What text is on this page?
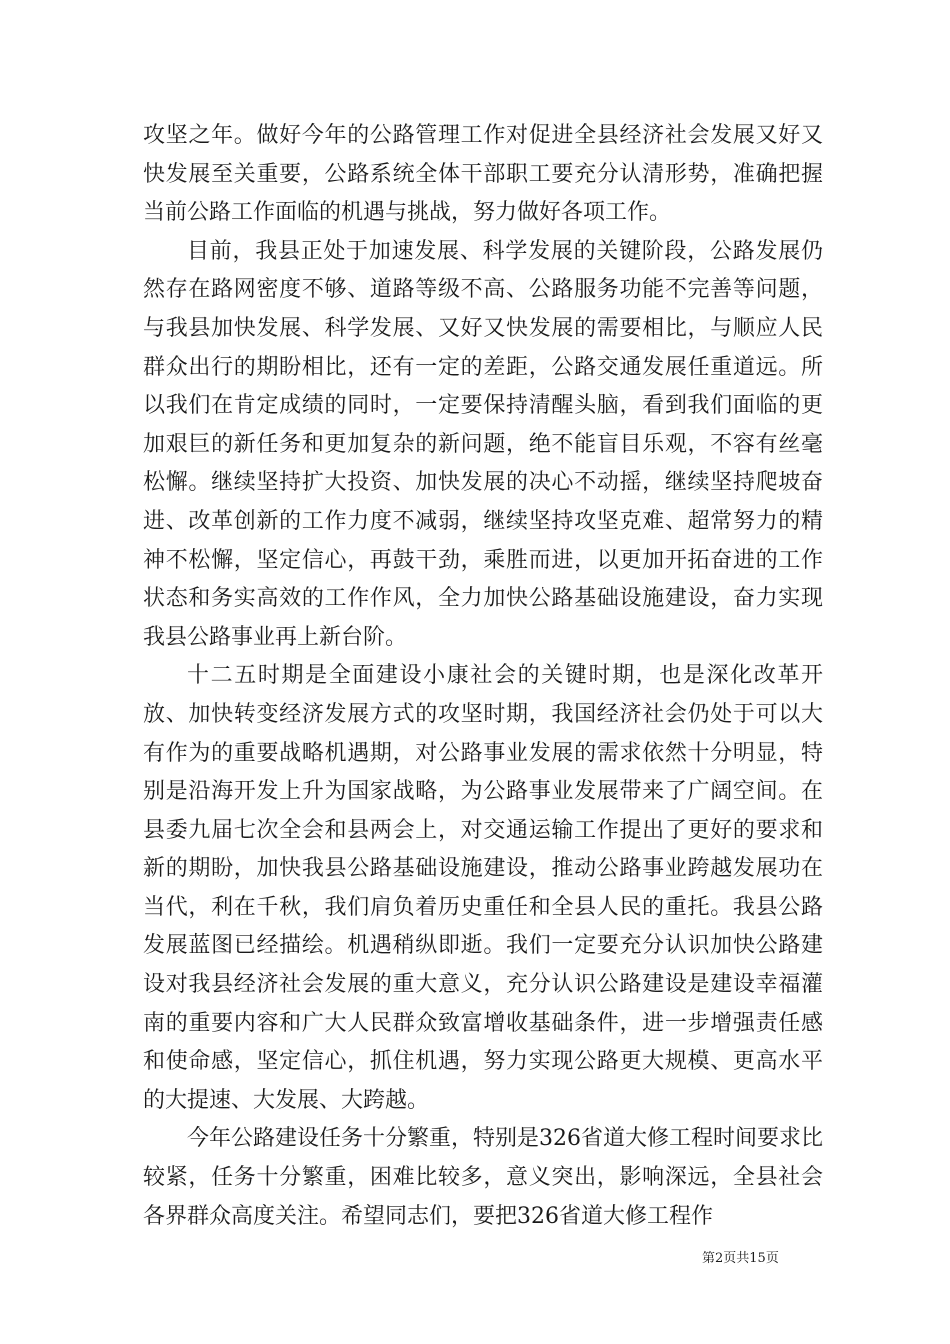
攻坚之年。做好今年的公路管理工作对促进全县经济社会发展又好又快发展至关重要，公路系统全体干部职工要充分认清形势，准确把握当前公路工作面临的机遇与挑战，努力做好各项工作。

目前，我县正处于加速发展、科学发展的关键阶段，公路发展仍然存在路网密度不够、道路等级不高、公路服务功能不完善等问题，与我县加快发展、科学发展、又好又快发展的需要相比，与顺应人民群众出行的期盼相比，还有一定的差距，公路交通发展任重道远。所以我们在肯定成绩的同时，一定要保持清醒头脑，看到我们面临的更加艰巨的新任务和更加复杂的新问题，绝不能盲目乐观，不容有丝毫松懈。继续坚持扩大投资、加快发展的决心不动摇，继续坚持爬坡奋进、改革创新的工作力度不减弱，继续坚持攻坚克难、超常努力的精神不松懈，坚定信心，再鼓干劲，乘胜而进，以更加开拓奋进的工作状态和务实高效的工作作风，全力加快公路基础设施建设，奋力实现我县公路事业再上新台阶。

十二五时期是全面建设小康社会的关键时期，也是深化改革开放、加快转变经济发展方式的攻坚时期，我国经济社会仍处于可以大有作为的重要战略机遇期，对公路事业发展的需求依然十分明显，特别是沿海开发上升为国家战略，为公路事业发展带来了广阔空间。在县委九届七次全会和县两会上，对交通运输工作提出了更好的要求和新的期盼，加快我县公路基础设施建设，推动公路事业跨越发展功在当代，利在千秋，我们肩负着历史重任和全县人民的重托。我县公路发展蓝图已经描绘。机遇稍纵即逝。我们一定要充分认识加快公路建设对我县经济社会发展的重大意义，充分认识公路建设是建设幸福灌南的重要内容和广大人民群众致富增收基础条件，进一步增强责任感和使命感，坚定信心，抓住机遇，努力实现公路更大规模、更高水平的大提速、大发展、大跨越。

今年公路建设任务十分繁重，特别是326省道大修工程时间要求比较紧，任务十分繁重，困难比较多，意义突出，影响深远，全县社会各界群众高度关注。希望同志们，要把326省道大修工程作

第2页共15页
